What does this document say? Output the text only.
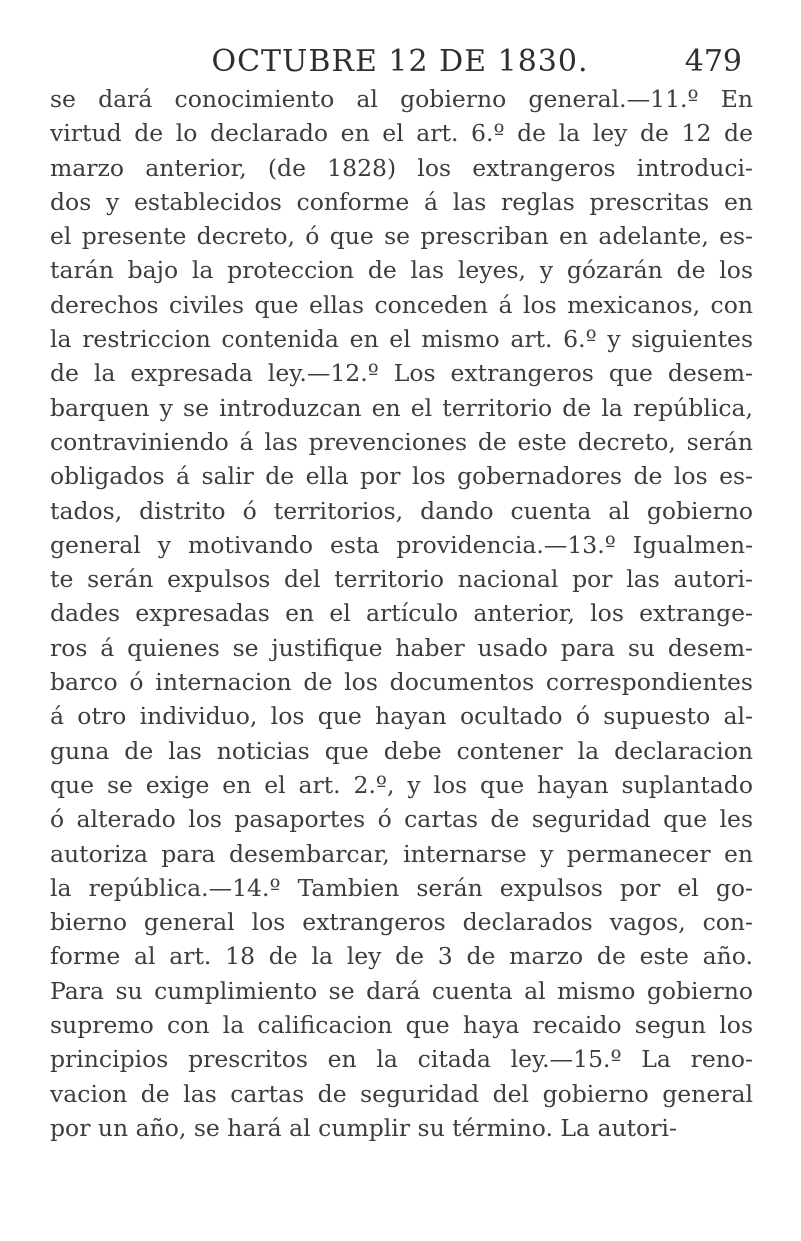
OCTUBRE 12 DE 1830.	479
se dará conocimiento al gobierno general.—11.º En
virtud de lo declarado en el art. 6.º de la ley de 12 de
marzo anterior, (de 1828) los extrangeros introduci-
dos y establecidos conforme á las reglas prescritas en
el presente decreto, ó que se prescriban en adelante, es-
tarán bajo la proteccion de las leyes, y gózarán de los
derechos civiles que ellas conceden á los mexicanos, con
la restriccion contenida en el mismo art. 6.º y siguientes
de la expresada ley.—12.º Los extrangeros que desem-
barquen y se introduzcan en el territorio de la república,
contraviniendo á las prevenciones de este decreto, serán
obligados á salir de ella por los gobernadores de los es-
tados, distrito ó territorios, dando cuenta al gobierno
general y motivando esta providencia.—13.º Igualmen-
te serán expulsos del territorio nacional por las autori-
dades expresadas en el artículo anterior, los extrange-
ros á quienes se justifique haber usado para su desem-
barco ó internacion de los documentos correspondientes
á otro individuo, los que hayan ocultado ó supuesto al-
guna de las noticias que debe contener la declaracion
que se exige en el art. 2.º, y los que hayan suplantado
ó alterado los pasaportes ó cartas de seguridad que les
autoriza para desembarcar, internarse y permanecer en
la república.—14.º Tambien serán expulsos por el go-
bierno general los extrangeros declarados vagos, con-
forme al art. 18 de la ley de 3 de marzo de este año.
Para su cumplimiento se dará cuenta al mismo gobierno
supremo con la calificacion que haya recaido segun los
principios prescritos en la citada ley.—15.º La reno-
vacion de las cartas de seguridad del gobierno general
por un año, se hará al cumplir su término. La autori-
